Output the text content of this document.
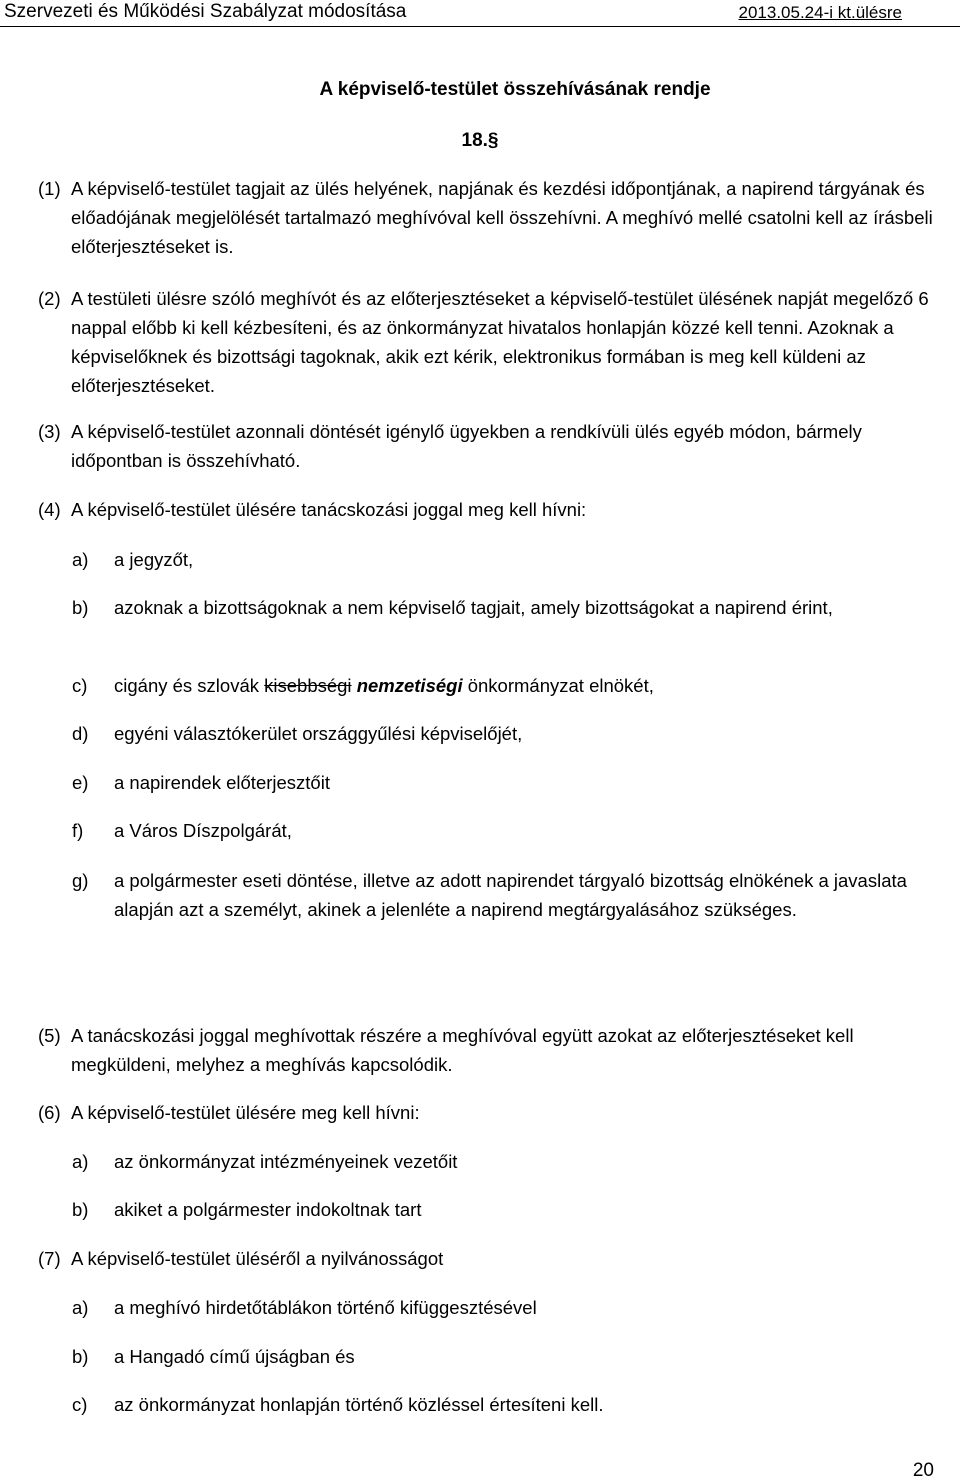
Szervezeti és Működési Szabályzat módosítása	2013.05.24-i kt.ülésre
A képviselő-testület összehívásának rendje
18.§
(1) A képviselő-testület tagjait az ülés helyének, napjának és kezdési időpontjának, a napirend tárgyának és előadójának megjelölését tartalmazó meghívóval kell összehívni. A meghívó mellé csatolni kell az írásbeli előterjesztéseket is.
(2) A testületi ülésre szóló meghívót és az előterjesztéseket a képviselő-testület ülésének napját megelőző 6 nappal előbb ki kell kézbesíteni, és az önkormányzat hivatalos honlapján közzé kell tenni. Azoknak a képviselőknek és bizottsági tagoknak, akik ezt kérik, elektronikus formában is meg kell küldeni az előterjesztéseket.
(3) A képviselő-testület azonnali döntését igénylő ügyekben a rendkívüli ülés egyéb módon, bármely időpontban is összehívható.
(4) A képviselő-testület ülésére tanácskozási joggal meg kell hívni:
a)	a jegyzőt,
b)	azoknak a bizottságoknak a nem képviselő tagjait, amely bizottságokat a napirend érint,
c)	cigány és szlovák kisebbségi nemzetiségi önkormányzat elnökét,
d)	egyéni választókerület országgyűlési képviselőjét,
e)	a napirendek előterjesztőit
f)	a Város Díszpolgárát,
g)	a polgármester eseti döntése, illetve az adott napirendet tárgyaló bizottság elnökének a javaslata alapján azt a személyt, akinek a jelenléte a napirend megtárgyalásához szükséges.
(5) A tanácskozási joggal meghívottak részére a meghívóval együtt azokat az előterjesztéseket kell megküldeni, melyhez a meghívás kapcsolódik.
(6) A képviselő-testület ülésére meg kell hívni:
a)	az önkormányzat intézményeinek vezetőit
b)	akiket a polgármester indokoltnak tart
(7) A képviselő-testület üléséről a nyilvánosságot
a)	a meghívó hirdetőtáblákon történő kifüggesztésével
b)	a Hangadó című újságban és
c)	az önkormányzat honlapján történő közléssel értesíteni kell.
20
